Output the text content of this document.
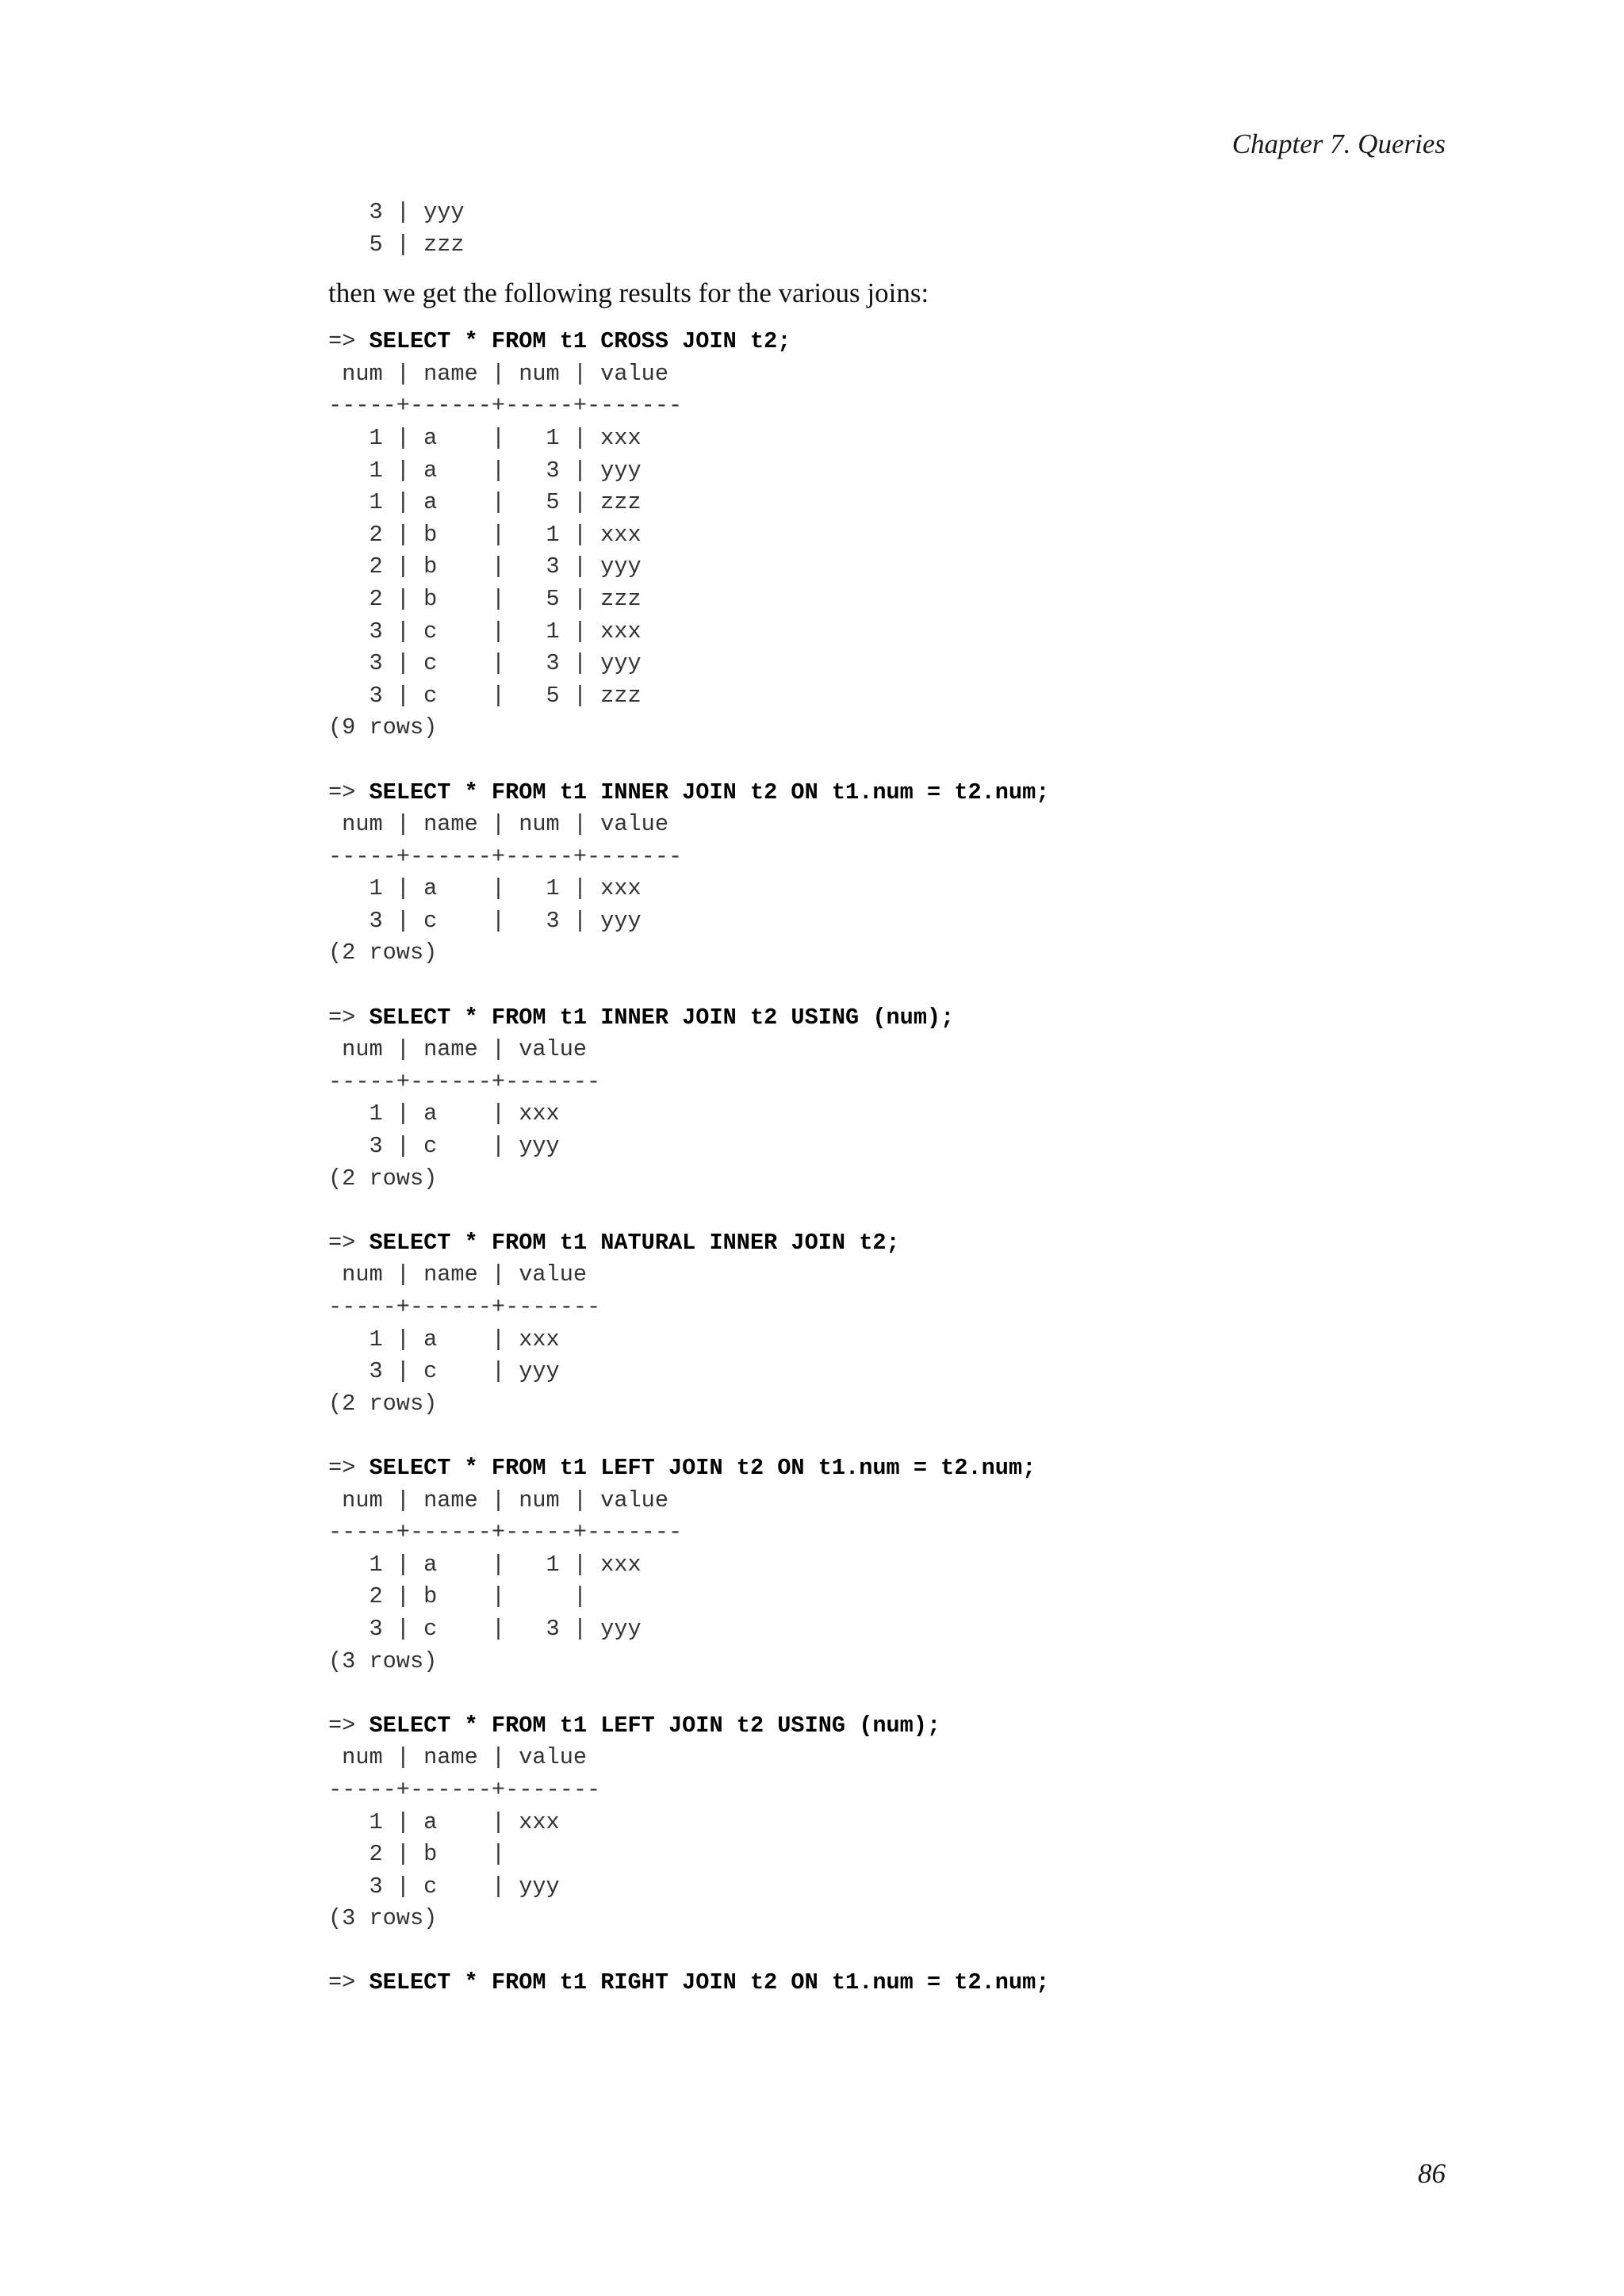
Chapter 7. Queries
3 | yyy
5 | zzz

then we get the following results for the various joins:

=> SELECT * FROM t1 CROSS JOIN t2;
num | name | num | value
-----+------+-----+-------
1 | a    |   1 | xxx
1 | a    |   3 | yyy
1 | a    |   5 | zzz
2 | b    |   1 | xxx
2 | b    |   3 | yyy
2 | b    |   5 | zzz
3 | c    |   1 | xxx
3 | c    |   3 | yyy
3 | c    |   5 | zzz
(9 rows)
=> SELECT * FROM t1 INNER JOIN t2 ON t1.num = t2.num;
num | name | num | value
-----+------+-----+-------
1 | a    |   1 | xxx
3 | c    |   3 | yyy
(2 rows)
=> SELECT * FROM t1 INNER JOIN t2 USING (num);
num | name | value
-----+------+-------
1 | a    | xxx
3 | c    | yyy
(2 rows)
=> SELECT * FROM t1 NATURAL INNER JOIN t2;
num | name | value
-----+------+-------
1 | a    | xxx
3 | c    | yyy
(2 rows)
=> SELECT * FROM t1 LEFT JOIN t2 ON t1.num = t2.num;
num | name | num | value
-----+------+-----+-------
1 | a    |   1 | xxx
2 | b    |     |
3 | c    |   3 | yyy
(3 rows)
=> SELECT * FROM t1 LEFT JOIN t2 USING (num);
num | name | value
-----+------+-------
1 | a    | xxx
2 | b    |
3 | c    | yyy
(3 rows)
=> SELECT * FROM t1 RIGHT JOIN t2 ON t1.num = t2.num;
86
